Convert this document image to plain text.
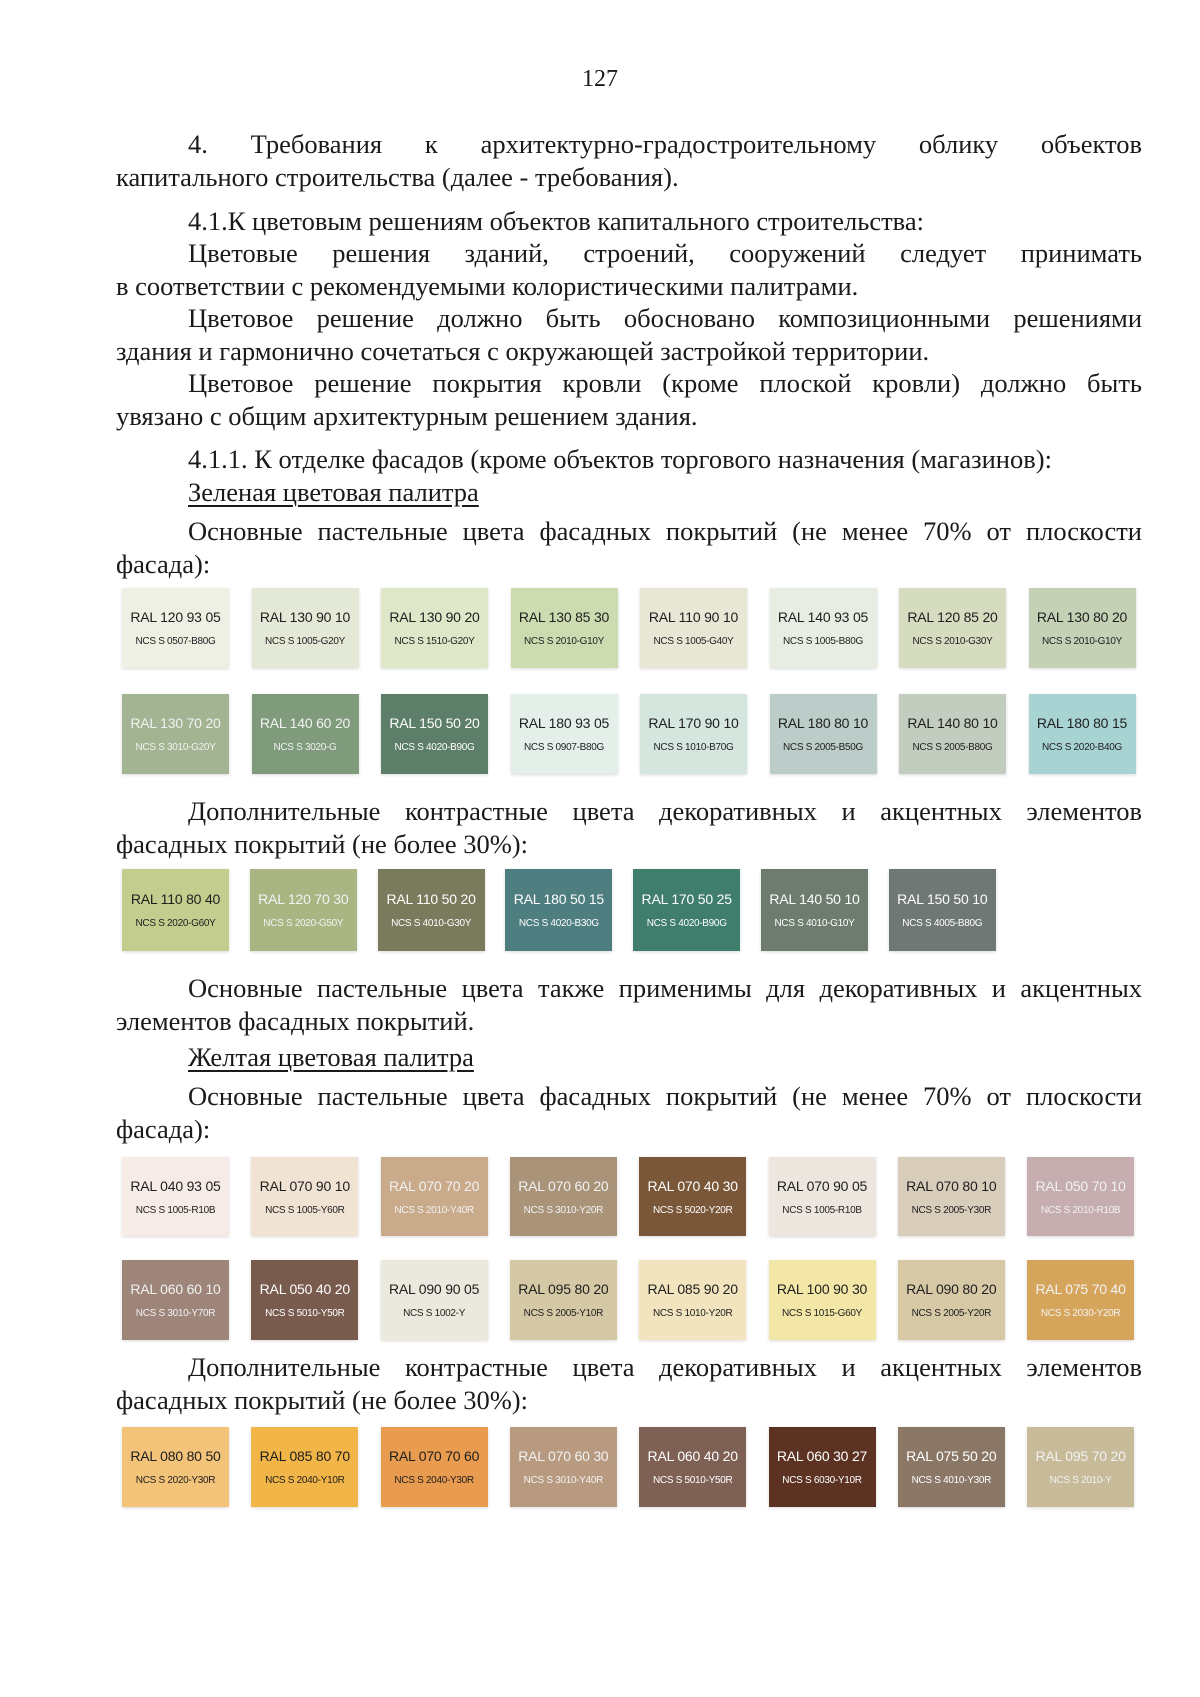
127
4. Требования к архитектурно-градостроительному облику объектов
капитального строительства (далее - требования).
4.1.К цветовым решениям объектов капитального строительства:
Цветовые решения зданий, строений, сооружений следует принимать
в соответствии с рекомендуемыми колористическими палитрами.
Цветовое решение должно быть обосновано композиционными решениями
здания и гармонично сочетаться с окружающей застройкой территории.
Цветовое решение покрытия кровли (кроме плоской кровли) должно быть
увязано с общим архитектурным решением здания.
4.1.1. К отделке фасадов (кроме объектов торгового назначения (магазинов):
Зеленая цветовая палитра
Основные пастельные цвета фасадных покрытий (не менее 70% от плоскости
фасада):
RAL 120 93 05
NCS S 0507-B80G
RAL 130 90 10
NCS S 1005-G20Y
RAL 130 90 20
NCS S 1510-G20Y
RAL 130 85 30
NCS S 2010-G10Y
RAL 110 90 10
NCS S 1005-G40Y
RAL 140 93 05
NCS S 1005-B80G
RAL 120 85 20
NCS S 2010-G30Y
RAL 130 80 20
NCS S 2010-G10Y
RAL 130 70 20
NCS S 3010-G20Y
RAL 140 60 20
NCS S 3020-G
RAL 150 50 20
NCS S 4020-B90G
RAL 180 93 05
NCS S 0907-B80G
RAL 170 90 10
NCS S 1010-B70G
RAL 180 80 10
NCS S 2005-B50G
RAL 140 80 10
NCS S 2005-B80G
RAL 180 80 15
NCS S 2020-B40G
Дополнительные контрастные цвета декоративных и акцентных элементов
фасадных покрытий (не более 30%):
RAL 110 80 40
NCS S 2020-G60Y
RAL 120 70 30
NCS S 2020-G50Y
RAL 110 50 20
NCS S 4010-G30Y
RAL 180 50 15
NCS S 4020-B30G
RAL 170 50 25
NCS S 4020-B90G
RAL 140 50 10
NCS S 4010-G10Y
RAL 150 50 10
NCS S 4005-B80G
Основные пастельные цвета также применимы для декоративных и акцентных
элементов фасадных покрытий.
Желтая цветовая палитра
Основные пастельные цвета фасадных покрытий (не менее 70% от плоскости
фасада):
RAL 040 93 05
NCS S 1005-R10B
RAL 070 90 10
NCS S 1005-Y60R
RAL 070 70 20
NCS S 2010-Y40R
RAL 070 60 20
NCS S 3010-Y20R
RAL 070 40 30
NCS S 5020-Y20R
RAL 070 90 05
NCS S 1005-R10B
RAL 070 80 10
NCS S 2005-Y30R
RAL 050 70 10
NCS S 2010-R10B
RAL 060 60 10
NCS S 3010-Y70R
RAL 050 40 20
NCS S 5010-Y50R
RAL 090 90 05
NCS S 1002-Y
RAL 095 80 20
NCS S 2005-Y10R
RAL 085 90 20
NCS S 1010-Y20R
RAL 100 90 30
NCS S 1015-G60Y
RAL 090 80 20
NCS S 2005-Y20R
RAL 075 70 40
NCS S 2030-Y20R
Дополнительные контрастные цвета декоративных и акцентных элементов
фасадных покрытий (не более 30%):
RAL 080 80 50
NCS S 2020-Y30R
RAL 085 80 70
NCS S 2040-Y10R
RAL 070 70 60
NCS S 2040-Y30R
RAL 070 60 30
NCS S 3010-Y40R
RAL 060 40 20
NCS S 5010-Y50R
RAL 060 30 27
NCS S 6030-Y10R
RAL 075 50 20
NCS S 4010-Y30R
RAL 095 70 20
NCS S 2010-Y
